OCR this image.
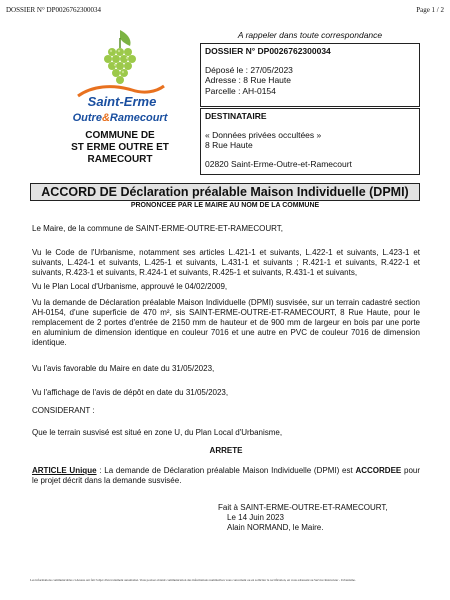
DOSSIER N° DP0026762300034	Page 1 / 2
Saint-Erme
Outre&Ramecourt
COMMUNE DE
ST ERME OUTRE ET
RAMECOURT
A rappeler dans toute correspondance
DOSSIER N° DP0026762300034
Déposé le : 27/05/2023
Adresse : 8 Rue Haute
Parcelle : AH-0154
DESTINATAIRE
« Données privées occultées »
8 Rue Haute
02820 Saint-Erme-Outre-et-Ramecourt
ACCORD DE Déclaration préalable Maison Individuelle (DPMI)
PRONONCEE PAR LE MAIRE AU NOM DE LA COMMUNE
Le Maire, de la commune de SAINT-ERME-OUTRE-ET-RAMECOURT,
Vu le Code de l'Urbanisme, notamment ses articles L.421-1 et suivants, L.422-1 et suivants, L.423-1 et suivants, L.424-1 et suivants, L.425-1 et suivants, L.431-1 et suivants ; R.421-1 et suivants, R.422-1 et suivants, R.423-1 et suivants, R.424-1 et suivants, R.425-1 et suivants, R.431-1 et suivants,
Vu le Plan Local d'Urbanisme, approuvé le 04/02/2009,
Vu la demande de Déclaration préalable Maison Individuelle (DPMI) susvisée, sur un terrain cadastré section AH-0154, d'une superficie de 470 m², sis SAINT-ERME-OUTRE-ET-RAMECOURT, 8 Rue Haute, pour le remplacement de 2 portes d'entrée de 2150 mm de hauteur et de 900 mm de largeur en bois par une porte en aluminium de dimension identique en couleur 7016 et une autre en PVC de couleur 7016 de dimension identique.
Vu l'avis favorable du Maire en date du 31/05/2023,
Vu l'affichage de l'avis de dépôt en date du 31/05/2023,
CONSIDERANT :
Que le terrain susvisé est situé en zone U, du Plan Local d'Urbanisme,
ARRETE
ARTICLE Unique : La demande de Déclaration préalable Maison Individuelle (DPMI) est ACCORDEE pour le projet décrit dans la demande susvisée.
Fait à SAINT-ERME-OUTRE-ET-RAMECOURT,
Le 14 Juin 2023
Alain NORMAND, le Maire.
Les informations communicables ci-dessus ont fait l'objet d'un traitement automatisé. Vous pouvez obtenir communication des informations nominatives vous concernant ou en solliciter la rectification, en vous adressant au Service Instructeur - Urbanisme.
